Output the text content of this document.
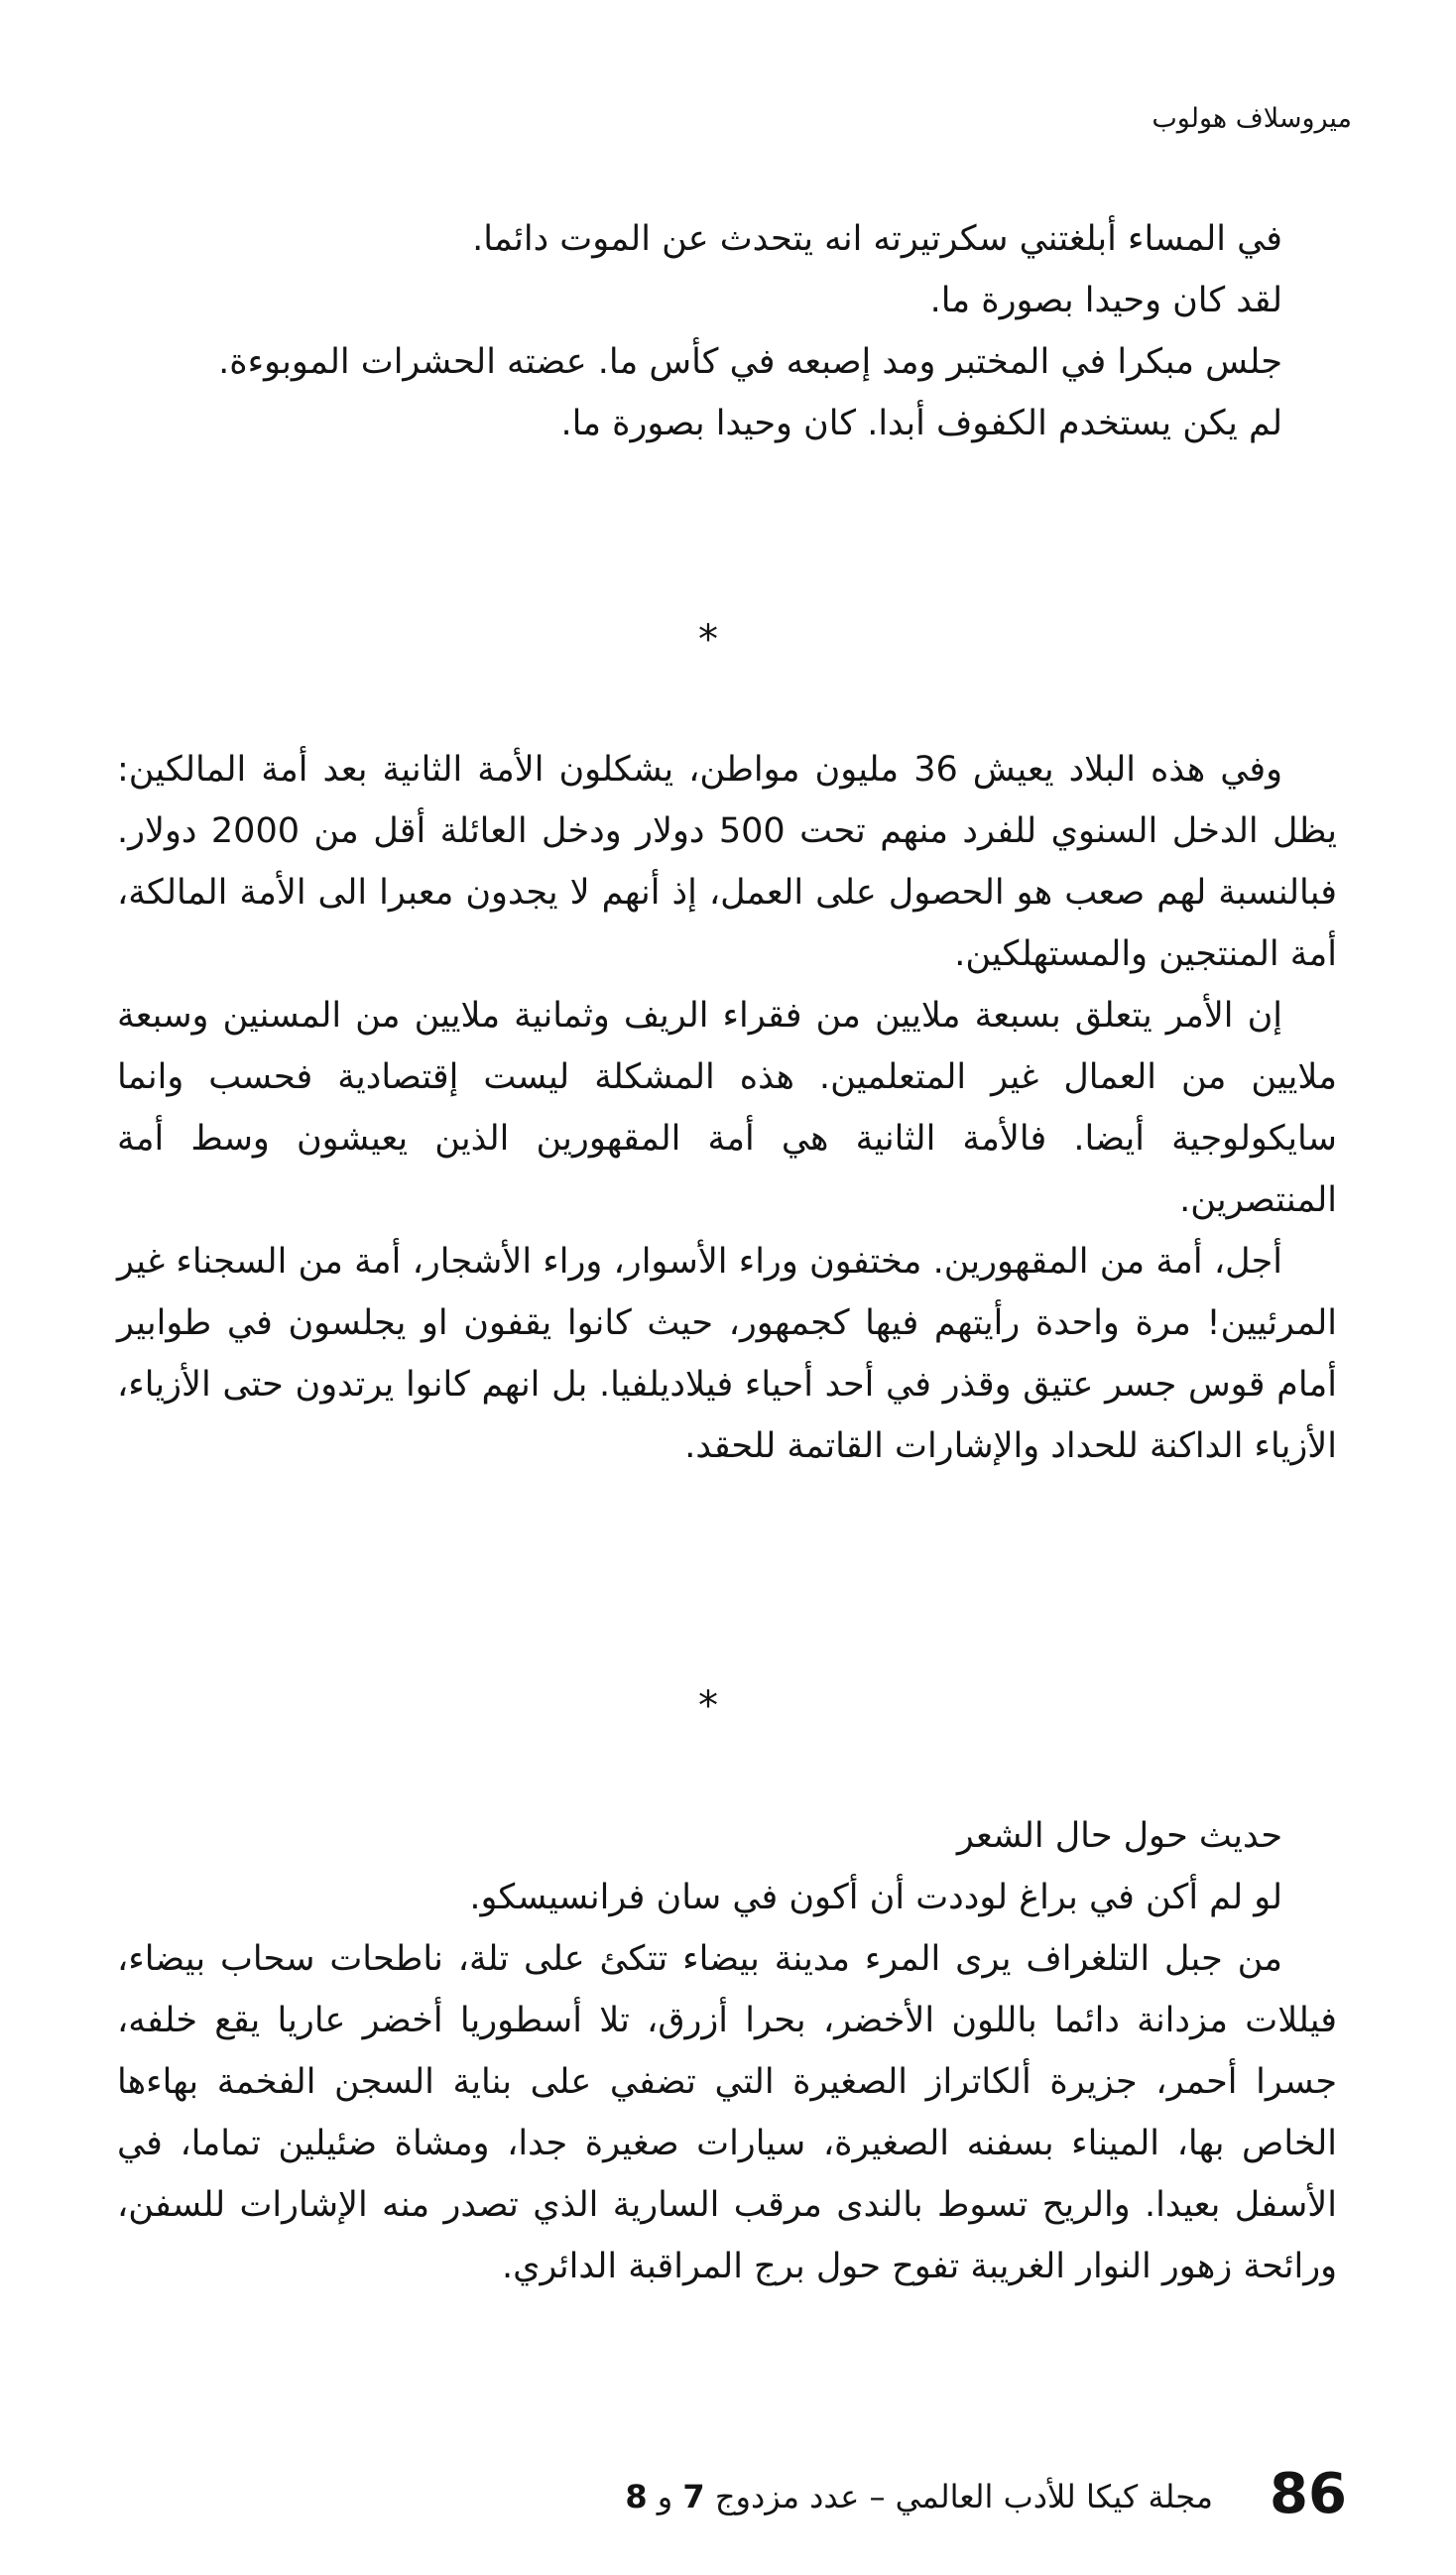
ميروسلاف هولوب

في المساء أبلغتني سكرتيرته انه يتحدث عن الموت دائما.

لقد كان وحيدا بصورة ما.

جلس مبكرا في المختبر ومد إصبعه في كأس ما. عضته الحشرات الموبوءة.

لم يكن يستخدم الكفوف أبدا. كان وحيدا بصورة ما.

*

وفي هذه البلاد يعيش 36 مليون مواطن، يشكلون الأمة الثانية بعد أمة المالكين: يظل الدخل السنوي للفرد منهم تحت 500 دولار ودخل العائلة أقل من 2000 دولار. فبالنسبة لهم صعب هو الحصول على العمل، إذ أنهم لا يجدون معبرا الى الأمة المالكة، أمة المنتجين والمستهلكين.

إن الأمر يتعلق بسبعة ملايين من فقراء الريف وثمانية ملايين من المسنين وسبعة ملايين من العمال غير المتعلمين. هذه المشكلة ليست إقتصادية فحسب وانما سايكولوجية أيضا. فالأمة الثانية هي أمة المقهورين الذين يعيشون وسط أمة المنتصرين.

أجل، أمة من المقهورين. مختفون وراء الأسوار، وراء الأشجار، أمة من السجناء غير المرئيين! مرة واحدة رأيتهم فيها كجمهور، حيث كانوا يقفون او يجلسون في طوابير أمام قوس جسر عتيق وقذر في أحد أحياء فيلاديلفيا. بل انهم كانوا يرتدون حتى الأزياء، الأزياء الداكنة للحداد والإشارات القاتمة للحقد.

*

حديث حول حال الشعر

لو لم أكن في براغ لوددت أن أكون في سان فرانسيسكو.

من جبل التلغراف يرى المرء مدينة بيضاء تتكئ على تلة، ناطحات سحاب بيضاء، فيللات مزدانة دائما باللون الأخضر، بحرا أزرق، تلا أسطوريا أخضر عاريا يقع خلفه، جسرا أحمر، جزيرة ألكاتراز الصغيرة التي تضفي على بناية السجن الفخمة بهاءها الخاص بها، الميناء بسفنه الصغيرة، سيارات صغيرة جدا، ومشاة ضئيلين تماما، في الأسفل بعيدا. والريح تسوط بالندى مرقب السارية الذي تصدر منه الإشارات للسفن، ورائحة زهور النوار الغريبة تفوح حول برج المراقبة الدائري.

86
مجلة كيكا للأدب العالمي – عدد مزدوج 7 و 8
